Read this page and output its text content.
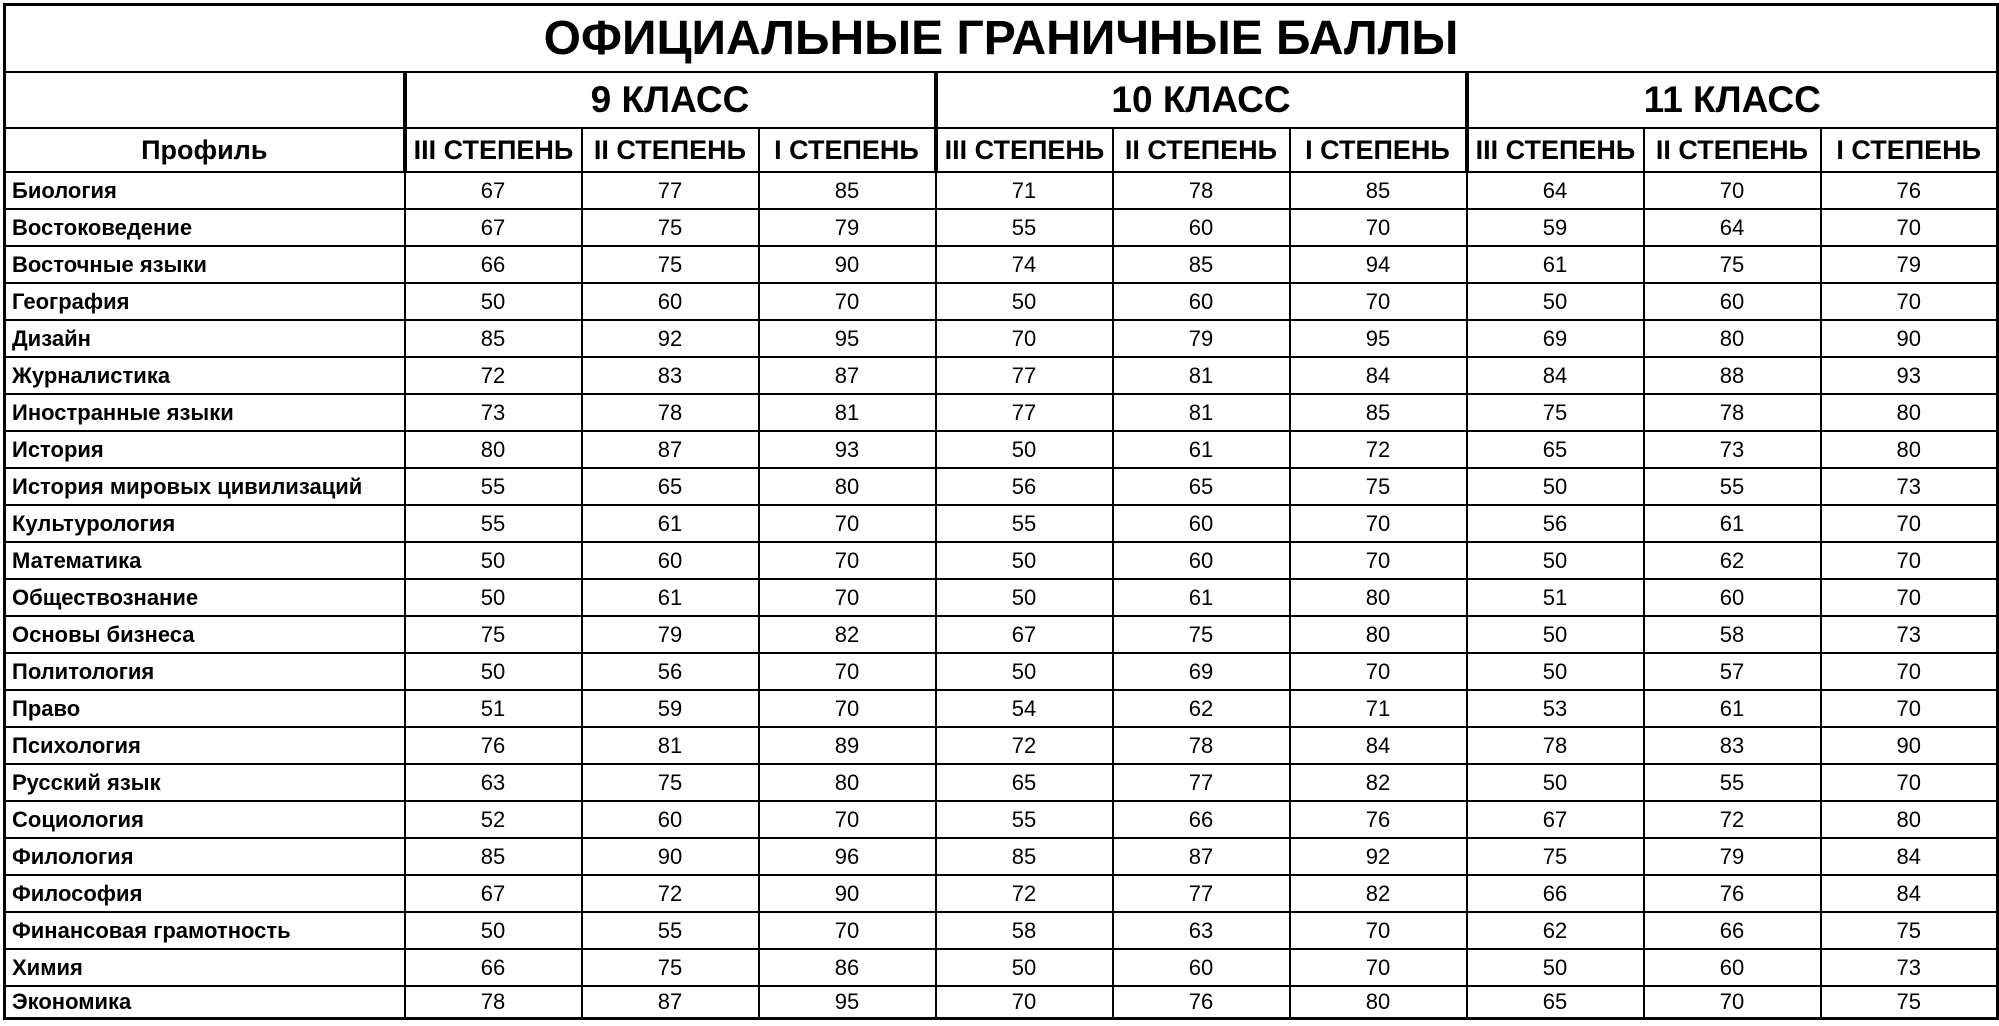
ОФИЦИАЛЬНЫЕ ГРАНИЧНЫЕ БАЛЛЫ									
	9 КЛАСС			10 КЛАСС			11 КЛАСС		
Профиль	III СТЕПЕНЬ	II СТЕПЕНЬ	I СТЕПЕНЬ	III СТЕПЕНЬ	II СТЕПЕНЬ	I СТЕПЕНЬ	III СТЕПЕНЬ	II СТЕПЕНЬ	I СТЕПЕНЬ
Биология	67	77	85	71	78	85	64	70	76
Востоковедение	67	75	79	55	60	70	59	64	70
Восточные языки	66	75	90	74	85	94	61	75	79
География	50	60	70	50	60	70	50	60	70
Дизайн	85	92	95	70	79	95	69	80	90
Журналистика	72	83	87	77	81	84	84	88	93
Иностранные языки	73	78	81	77	81	85	75	78	80
История	80	87	93	50	61	72	65	73	80
История мировых цивилизаций	55	65	80	56	65	75	50	55	73
Культурология	55	61	70	55	60	70	56	61	70
Математика	50	60	70	50	60	70	50	62	70
Обществознание	50	61	70	50	61	80	51	60	70
Основы бизнеса	75	79	82	67	75	80	50	58	73
Политология	50	56	70	50	69	70	50	57	70
Право	51	59	70	54	62	71	53	61	70
Психология	76	81	89	72	78	84	78	83	90
Русский язык	63	75	80	65	77	82	50	55	70
Социология	52	60	70	55	66	76	67	72	80
Филология	85	90	96	85	87	92	75	79	84
Философия	67	72	90	72	77	82	66	76	84
Финансовая грамотность	50	55	70	58	63	70	62	66	75
Химия	66	75	86	50	60	70	50	60	73
Экономика	78	87	95	70	76	80	65	70	75
